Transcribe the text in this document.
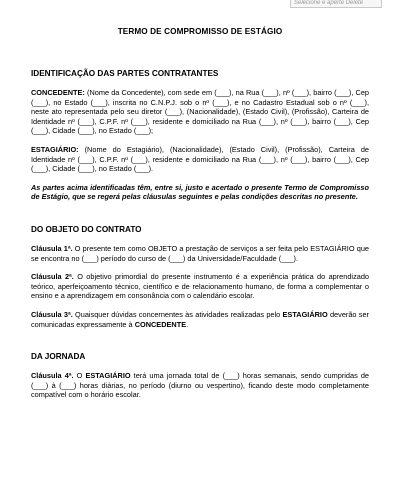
Selecione e aperte Delete

TERMO DE COMPROMISSO DE ESTÁGIO

IDENTIFICAÇÃO DAS PARTES CONTRATANTES

CONCEDENTE: (Nome da Concedente), com sede em (___), na Rua (___), nº (___), bairro (___), Cep (___), no Estado (___), inscrita no C.N.P.J. sob o nº (___), e no Cadastro Estadual sob o nº (___), neste ato representada pelo seu diretor (___), (Nacionalidade), (Estado Civil), (Profissão), Carteira de Identidade nº (___), C.P.F. nº (___), residente e domiciliado na Rua (___), nº (___), bairro (___), Cep (___), Cidade (___), no Estado (___);

ESTAGIÁRIO: (Nome do Estagiário), (Nacionalidade), (Estado Civil), (Profissão), Carteira de Identidade nº (___), C.P.F. nº (___), residente e domiciliado na Rua (___), nº (___), bairro (___), Cep (___), Cidade (___), no Estado (___).

As partes acima identificadas têm, entre si, justo e acertado o presente Termo de Compromisso de Estágio, que se regerá pelas cláusulas seguintes e pelas condições descritas no presente.

DO OBJETO DO CONTRATO

Cláusula 1ª. O presente tem como OBJETO a prestação de serviços a ser feita pelo ESTAGIÁRIO que se encontra no (___) período do curso de (___) da Universidade/Faculdade (___).

Cláusula 2ª. O objetivo primordial do presente instrumento é a experiência prática do aprendizado teórico, aperfeiçoamento técnico, científico e de relacionamento humano, de forma a complementar o ensino e a aprendizagem em consonância com o calendário escolar.

Cláusula 3ª. Quaisquer dúvidas concernentes às atividades realizadas pelo ESTAGIÁRIO deverão ser comunicadas expressamente à CONCEDENTE.

DA JORNADA

Cláusula 4ª. O ESTAGIÁRIO terá uma jornada total de (___) horas semanais, sendo cumpridas de (___) à (___) horas diárias, no período (diurno ou vespertino), ficando deste modo completamente compatível com o horário escolar.
